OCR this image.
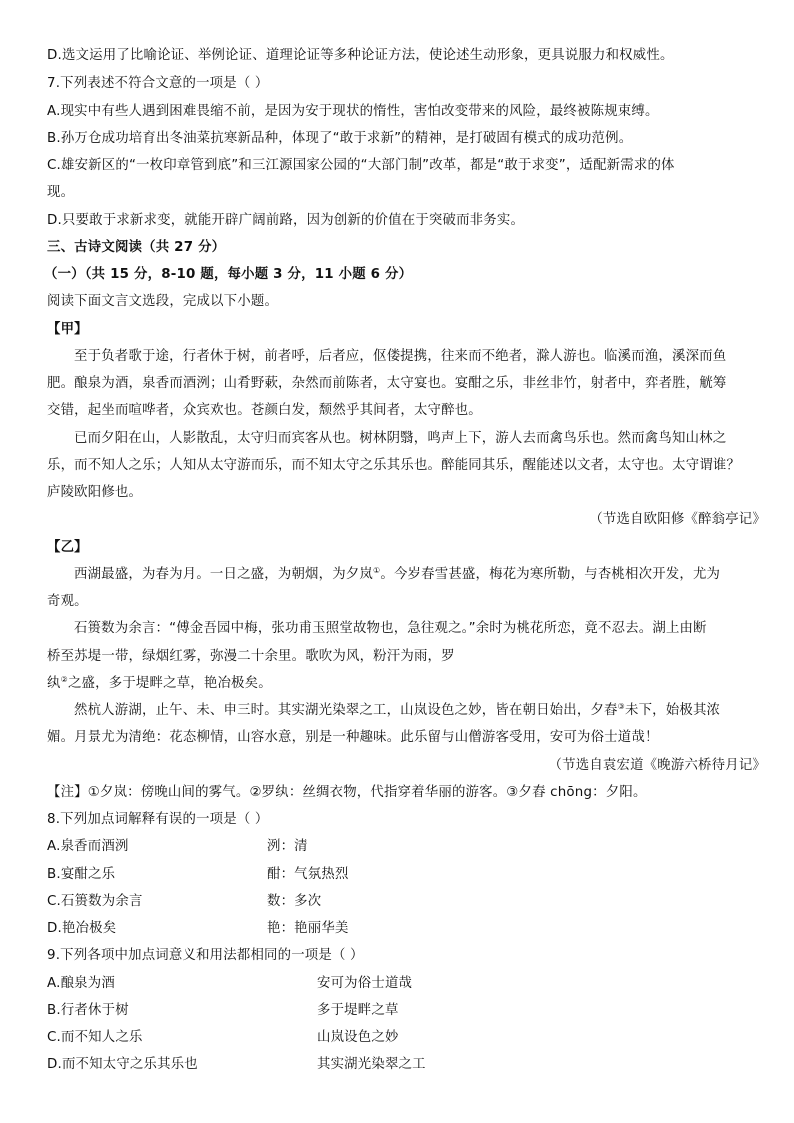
D.选文运用了比喻论证、举例论证、道理论证等多种论证方法，使论述生动形象，更具说服力和权威性。
7.下列表述不符合文意的一项是（ ）
A.现实中有些人遇到困难畏缩不前，是因为安于现状的惰性，害怕改变带来的风险，最终被陈规束缚。
B.孙万仓成功培育出冬油菜抗寒新品种，体现了“敢于求新”的精神，是打破固有模式的成功范例。
C.雄安新区的“一枚印章管到底”和三江源国家公园的“大部门制”改革，都是“敢于求变”，适配新需求的体
现。
D.只要敢于求新求变，就能开辟广阔前路，因为创新的价值在于突破而非务实。
三、古诗文阅读（共 27 分）
（一）（共 15 分，8-10 题，每小题 3 分，11 小题 6 分）
阅读下面文言文选段，完成以下小题。
【甲】
至于负者歌于途，行者休于树，前者呼，后者应，伛偻提携，往来而不绝者，滁人游也。临溪而渔，溪深而鱼
肥。酿泉为酒，泉香而酒洌；山肴野蔌，杂然而前陈者，太守宴也。宴酣之乐，非丝非竹，射者中，弈者胜，觥筹
交错，起坐而喧哗者，众宾欢也。苍颜白发，颓然乎其间者，太守醉也。
已而夕阳在山，人影散乱，太守归而宾客从也。树林阴翳，鸣声上下，游人去而禽鸟乐也。然而禽鸟知山林之
乐，而不知人之乐；人知从太守游而乐，而不知太守之乐其乐也。醉能同其乐，醒能述以文者，太守也。太守谓谁？
庐陵欧阳修也。
（节选自欧阳修《醉翁亭记》
【乙】
西湖最盛，为春为月。一日之盛，为朝烟，为夕岚①。今岁春雪甚盛，梅花为寒所勒，与杏桃相次开发，尤为
奇观。
石篑数为余言：“傅金吾园中梅，张功甫玉照堂故物也，急往观之。”余时为桃花所恋，竟不忍去。湖上由断
桥至苏堤一带，绿烟红雾，弥漫二十余里。歌吹为风，粉汗为雨，罗
纨②之盛，多于堤畔之草，艳冶极矣。
然杭人游湖，止午、未、申三时。其实湖光染翠之工，山岚设色之妙，皆在朝日始出，夕舂③未下，始极其浓
媚。月景尤为清绝：花态柳情，山容水意，别是一种趣味。此乐留与山僧游客受用，安可为俗士道哉！
（节选自袁宏道《晚游六桥待月记》
【注】①夕岚：傍晚山间的雾气。②罗纨：丝绸衣物，代指穿着华丽的游客。③夕舂 chōng：夕阳。
8.下列加点词解释有误的一项是（ ）
A.泉香而酒洌	洌：清
B.宴酣之乐	酣：气氛热烈
C.石篑数为余言	数：多次
D.艳冶极矣	艳：艳丽华美
9.下列各项中加点词意义和用法都相同的一项是（ ）
A.酿泉为酒	安可为俗士道哉
B.行者休于树	多于堤畔之草
C.而不知人之乐	山岚设色之妙
D.而不知太守之乐其乐也	其实湖光染翠之工
